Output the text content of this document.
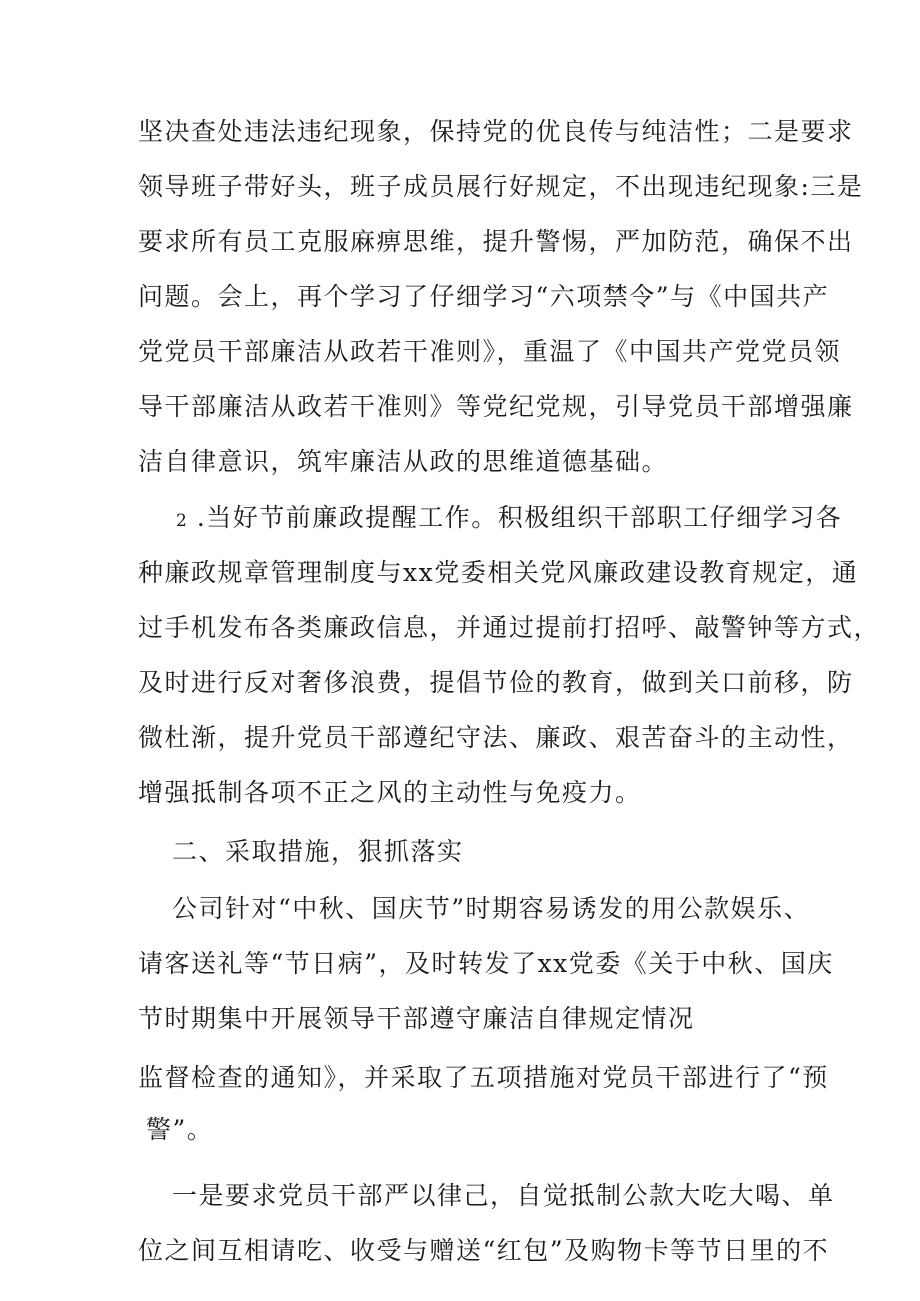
坚决查处违法违纪现象，保持党的优良传与纯洁性；二是要求
领导班子带好头，班子成员展行好规定，不出现违纪现象:三是
要求所有员工克服麻痹思维，提升警惕，严加防范，确保不出
问题。会上，再个学习了仔细学习“六项禁令”与《中国共产
党党员干部廉洁从政若干准则》，重温了《中国共产党党员领
导干部廉洁从政若干准则》等党纪党规，引导党员干部增强廉
洁自律意识，筑牢廉洁从政的思维道德基础。
2 .当好节前廉政提醒工作。积极组织干部职工仔细学习各
种廉政规章管理制度与xx党委相关党风廉政建设教育规定，通
过手机发布各类廉政信息，并通过提前打招呼、敲警钟等方式，
及时进行反对奢侈浪费，提倡节俭的教育，做到关口前移，防
微杜渐，提升党员干部遵纪守法、廉政、艰苦奋斗的主动性，
增强抵制各项不正之风的主动性与免疫力。
二、采取措施，狠抓落实
公司针对“中秋、国庆节”时期容易诱发的用公款娱乐、
请客送礼等“节日病”，及时转发了xx党委《关于中秋、国庆
节时期集中开展领导干部遵守廉洁自律规定情况
监督检查的通知》，并采取了五项措施对党员干部进行了“预
警”。
一是要求党员干部严以律己，自觉抵制公款大吃大喝、单
位之间互相请吃、收受与赠送“红包”及购物卡等节日里的不
